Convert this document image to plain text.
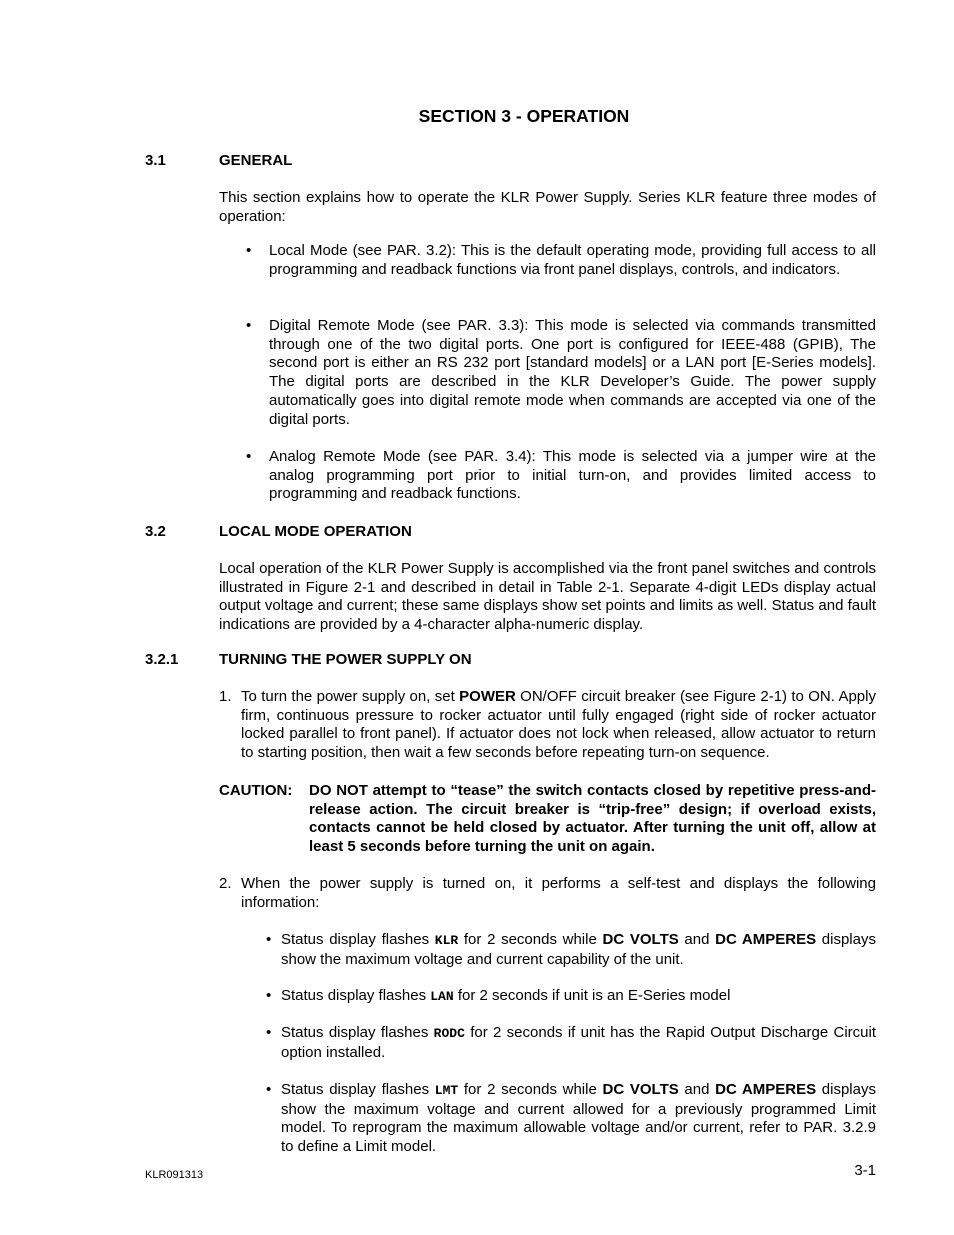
SECTION 3 - OPERATION
3.1	GENERAL
This section explains how to operate the KLR Power Supply. Series KLR feature three modes of operation:
• Local Mode (see PAR. 3.2): This is the default operating mode, providing full access to all programming and readback functions via front panel displays, controls, and indicators.
• Digital Remote Mode (see PAR. 3.3): This mode is selected via commands transmitted through one of the two digital ports. One port is configured for IEEE-488 (GPIB), The second port is either an RS 232 port [standard models] or a LAN port [E-Series models]. The digital ports are described in the KLR Developer’s Guide. The power supply automatically goes into digital remote mode when commands are accepted via one of the digital ports.
• Analog Remote Mode (see PAR. 3.4): This mode is selected via a jumper wire at the analog programming port prior to initial turn-on, and provides limited access to programming and readback functions.
3.2	LOCAL MODE OPERATION
Local operation of the KLR Power Supply is accomplished via the front panel switches and controls illustrated in Figure 2-1 and described in detail in Table 2-1. Separate 4-digit LEDs display actual output voltage and current; these same displays show set points and limits as well. Status and fault indications are provided by a 4-character alpha-numeric display.
3.2.1	TURNING THE POWER SUPPLY ON
1. To turn the power supply on, set POWER ON/OFF circuit breaker (see Figure 2-1) to ON. Apply firm, continuous pressure to rocker actuator until fully engaged (right side of rocker actuator locked parallel to front panel). If actuator does not lock when released, allow actuator to return to starting position, then wait a few seconds before repeating turn-on sequence.
CAUTION: DO NOT attempt to “tease” the switch contacts closed by repetitive press-and-release action. The circuit breaker is “trip-free” design; if overload exists, contacts cannot be held closed by actuator. After turning the unit off, allow at least 5 seconds before turning the unit on again.
2. When the power supply is turned on, it performs a self-test and displays the following information:
• Status display flashes KLR for 2 seconds while DC VOLTS and DC AMPERES displays show the maximum voltage and current capability of the unit.
• Status display flashes LAN for 2 seconds if unit is an E-Series model
• Status display flashes RODC for 2 seconds if unit has the Rapid Output Discharge Circuit option installed.
• Status display flashes LMT for 2 seconds while DC VOLTS and DC AMPERES displays show the maximum voltage and current allowed for a previously programmed Limit model. To reprogram the maximum allowable voltage and/or current, refer to PAR. 3.2.9 to define a Limit model.
KLR091313	3-1
